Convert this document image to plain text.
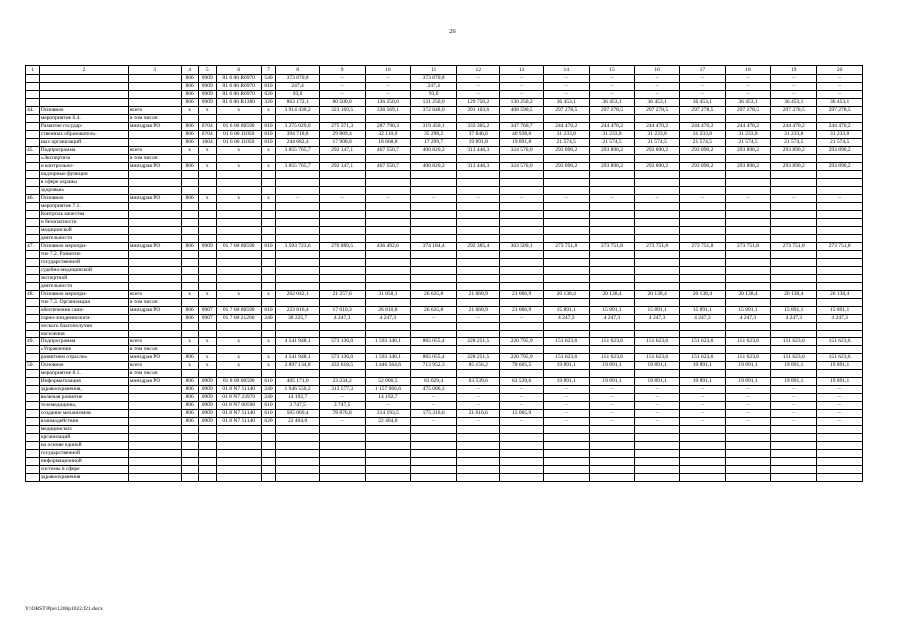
26
1	2	3	4	5	6	7	8	9	10	11	12	13	14	15	16	17	18	19	20
			806	0909	01 6 00 R6970	540	373 070,8	–	–	373 070,8	–	–	–	–	–	–	–	–	–
			806	0909	01 6 00 R6970	610	247,4	–	–	247,4	–	–	–	–	–	–	–	–	–
			806	0909	01 6 00 R6970	620	93,0	–	–	93,0	–	–	–	–	–	–	–	–	–
			806	0909	01 6 00 R1380	320	863 172,1	80 500,0	136 250,0	131 250,0	129 750,2	130 250,2	36 453,1	36 453,1	36 453,1	36 453,1	36 453,1	36 453,1	36 453,1
44.	Основное	всего	х	х	х	х	3 914 430,2	323 169,5	338 569,1	372 048,0	391 103,6	408 590,5	297 278,5	297 278,5	297 278,5	297 278,5	297 278,5	297 278,5	297 278,5
	мероприятие 6.4.	в том числе:																	
	Развитие государ-	минздрав РО	806	0704	01 6 00 00590	610	3 275 029,0	275 371,3	287 790,3	319 450,1	333 365,2	347 760,7	244 470,2	244 470,2	244 470,2	244 470,2	244 470,2	244 470,2	244 470,2
	ственных образователь-		806	0704	01 6 00 11050	610	394 718,8	29 889,4	32 110,0	35 298,2	37 846,6	40 938,0	31 233,8	31 233,8	31 233,8	31 233,8	31 233,8	31 233,8	31 233,8
	ных организаций		806	1004	01 6 00 11050	610	244 682,4	17 908,8	18 668,8	17 299,7	19 891,8	19 891,8	21 574,5	21 574,5	21 574,5	21 574,5	21 574,5	21 574,5	21 574,5
45.	Подпрограмма	всего	х	х	х	х	3 855 765,7	292 147,1	467 550,7	400 820,2	313 446,3	324 570,0	293 890,2	293 890,2	293 890,2	293 890,2	293 890,2	293 890,2	293 890,2
	«Экспертиза	в том числе:																	
	и контрольно-	минздрав РО	806	х	х	х	3 855 765,7	292 147,1	467 550,7	400 820,2	313 446,3	324 570,0	293 890,2	293 890,2	293 890,2	293 890,2	293 890,2	293 890,2	293 890,2
	надзорные функции																		
	в сфере охраны																		
	здоровья»																		
46.	Основное	минздрав РО	806	х	х	х	–	–	–	–	–	–	–	–	–	–	–	–	–
	мероприятие 7.1.																		
	Контроль качества																		
	и безопасности																		
	медицинской																		
	деятельности																		
47.	Основное меропри-	минздрав РО	806	0909	01 7 00 00590	610	3 593 723,6	270 889,5	436 492,6	374 184,4	292 385,4	303 509,1	273 751,8	273 751,8	273 751,8	273 751,8	273 751,8	273 751,8	273 751,8
	тие 7.2. Развитие																		
	государственной																		
	судебно-медицинской																		
	экспертной																		
	деятельности																		
48.	Основное меропри-	всего	х	х	х	х	262 042,1	21 257,6	31 058,1	26 635,8	21 060,9	21 060,9	20 138,4	20 138,4	20 138,4	20 138,4	20 138,4	20 138,4	20 138,4
	тие 7.3. Организация	в том числе:																	
	обеспечения сани-	минздрав РО	806	0907	01 7 00 00590	610	223 816,4	17 010,3	26 810,8	26 635,8	21 060,9	21 060,9	15 891,1	15 891,1	15 891,1	15 891,1	15 891,1	15 891,1	15 891,1
	тарно-эпидемиологи-		806	0907	01 7 00 21200	240	38 225,7	4 247,3	4 247,3	–	–	–	4 247,3	4 247,3	4 247,3	4 247,3	4 247,3	4 247,3	4 247,3
	ческого благополучия																		
	населения																		
49.	Подпрограмма	всего	х	х	х	х	4 541 948,1	573 136,0	1 593 346,1	865 055,4	228 251,5	220 795,9	151 623,6	151 623,6	151 623,6	151 623,6	151 623,6	151 623,6	151 623,6
	«Управление	в том числе:																	
	развитием отрасли»	минздрав РО	806	х	х	х	4 541 948,1	573 136,0	1 593 346,1	865 055,4	228 251,5	220 795,9	151 623,6	151 623,6	151 623,6	151 623,6	151 623,6	151 623,6	151 623,6
50.	Основное	всего	х	х	х	х	2 897 134,8	433 618,5	1 446 564,6	713 952,3	85 156,2	78 605,5	19 891,1	19 891,1	19 891,1	19 891,1	19 891,1	19 891,1	19 891,1
	мероприятие 8.1.	в том числе:																	
	Информатизация	минздрав РО	806	0909	01 8 00 00590	610	405 171,0	23 234,2	52 000,5	63 629,4	63 539,6	63 539,6	19 891,1	19 891,1	19 891,1	19 891,1	19 891,1	19 891,1	19 891,1
	здравоохранения,		806	0909	01 8 N7 51140	240	1 946 550,2	313 577,3	1 157 966,6	475 006,3	–	–	–	–	–	–	–	–	–
	включая развитие		806	0909	01 8 N7 23970	240	14 192,7	–	14 192,7	–	–	–	–	–	–	–	–	–	–
	телемедицины,		806	0909	01 8 N7 00590	610	3 747,5	3 747,5	–	–	–	–	–	–	–	–	–	–	–
	создание механизмов		806	0909	01 8 N7 51140	610	505 069,4	78 876,8	214 193,5	175 316,6	21 616,6	15 065,9	–	–	–	–	–	–	–
	взаимодействия		806	0909	01 8 N7 51140	620	22 404,0	–	22 404,0	–	–	–	–	–	–	–	–	–	–
	медицинских																		
	организаций																		
	на основе единой																		
	государственной																		
	информационной																		
	системы в сфере																		
	здравоохранения																		
Y:\ORST\Ppo\1206p1022.f21.docx
